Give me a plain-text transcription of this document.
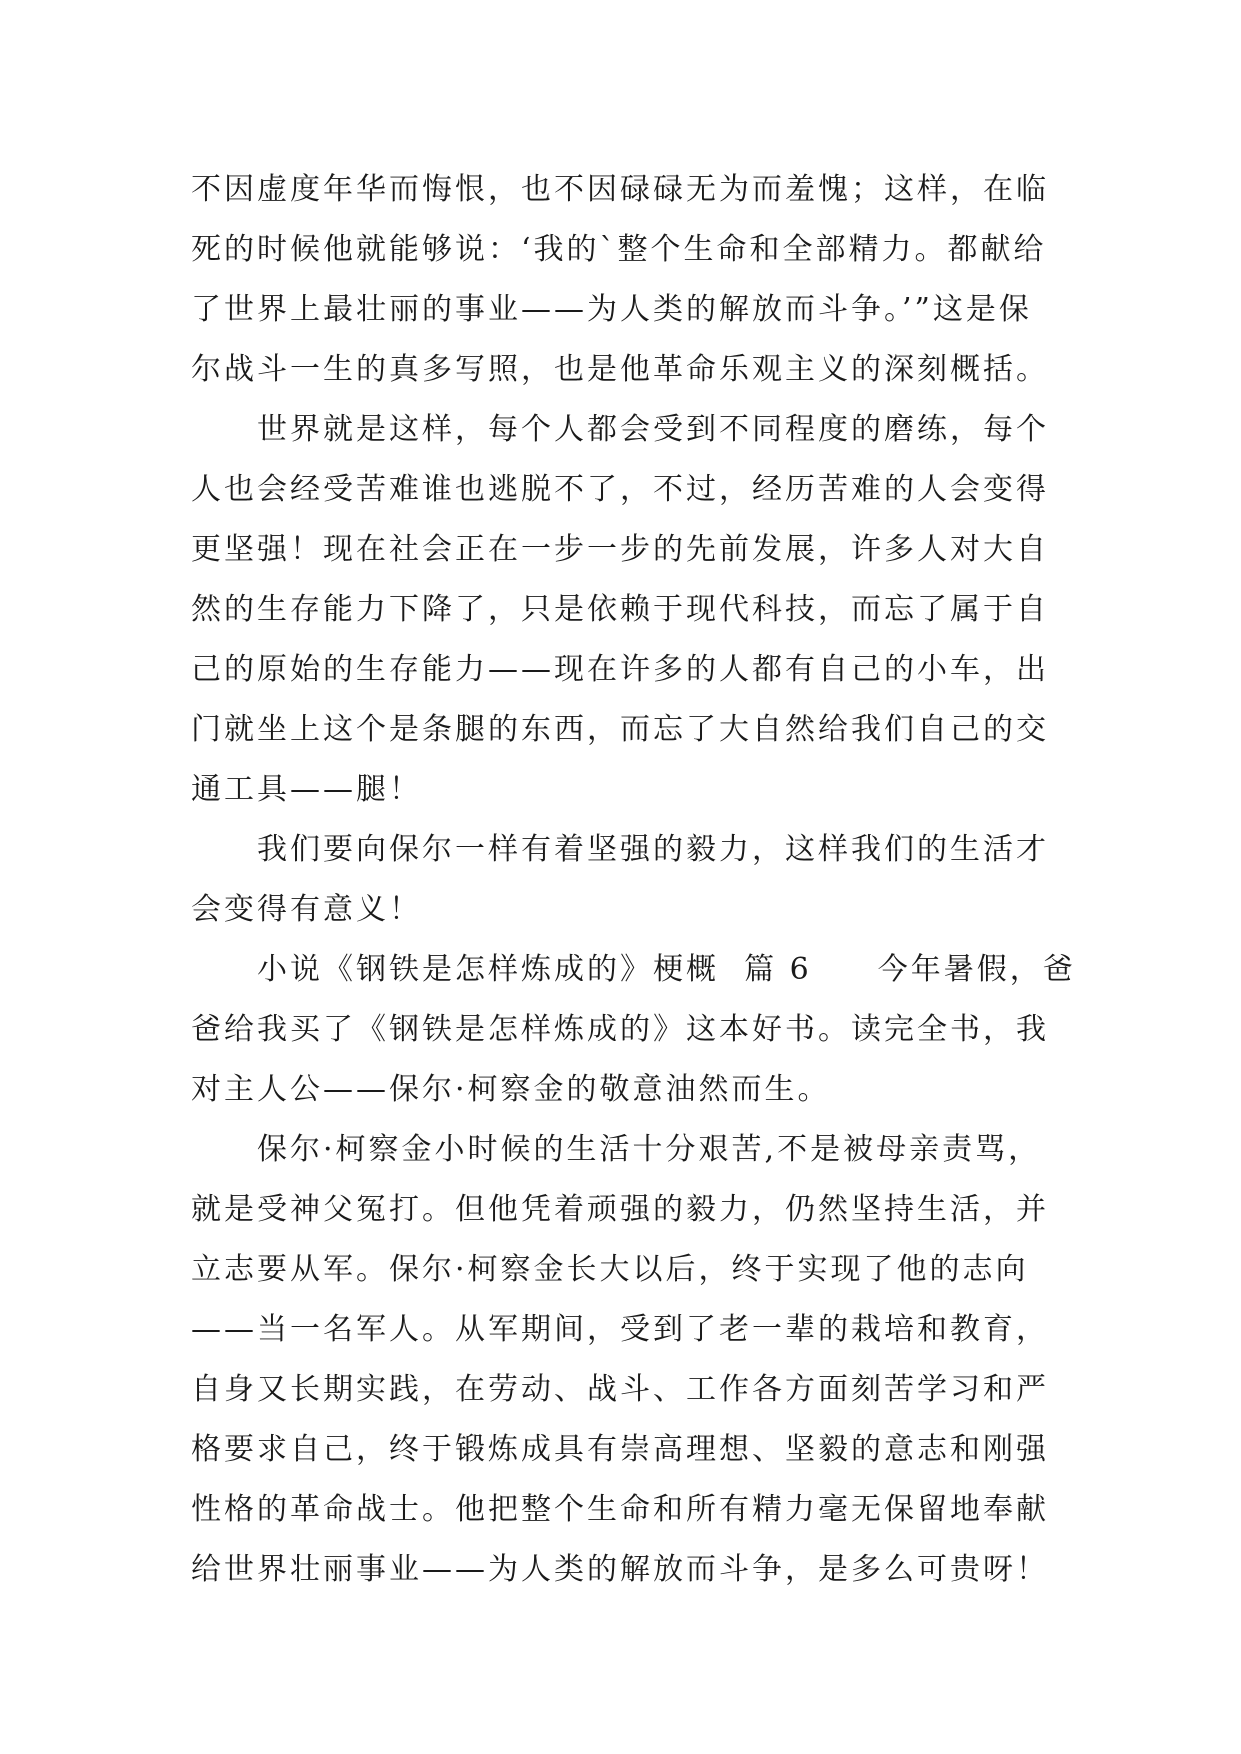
不因虚度年华而悔恨，也不因碌碌无为而羞愧；这样，在临
死的时候他就能够说：‘我的`整个生命和全部精力。都献给
了世界上最壮丽的事业——为人类的解放而斗争。’”这是保
尔战斗一生的真多写照，也是他革命乐观主义的深刻概括。
　　世界就是这样，每个人都会受到不同程度的磨练，每个
人也会经受苦难谁也逃脱不了，不过，经历苦难的人会变得
更坚强！现在社会正在一步一步的先前发展，许多人对大自
然的生存能力下降了，只是依赖于现代科技，而忘了属于自
己的原始的生存能力——现在许多的人都有自己的小车，出
门就坐上这个是条腿的东西，而忘了大自然给我们自己的交
通工具——腿！
　　我们要向保尔一样有着坚强的毅力，这样我们的生活才
会变得有意义！
　　小说《钢铁是怎样炼成的》梗概  篇 6　　今年暑假，爸
爸给我买了《钢铁是怎样炼成的》这本好书。读完全书，我
对主人公——保尔·柯察金的敬意油然而生。
　　保尔·柯察金小时候的生活十分艰苦,不是被母亲责骂，
就是受神父冤打。但他凭着顽强的毅力，仍然坚持生活，并
立志要从军。保尔·柯察金长大以后，终于实现了他的志向
——当一名军人。从军期间，受到了老一辈的栽培和教育，
自身又长期实践，在劳动、战斗、工作各方面刻苦学习和严
格要求自己，终于锻炼成具有崇高理想、坚毅的意志和刚强
性格的革命战士。他把整个生命和所有精力毫无保留地奉献
给世界壮丽事业——为人类的解放而斗争，是多么可贵呀！
